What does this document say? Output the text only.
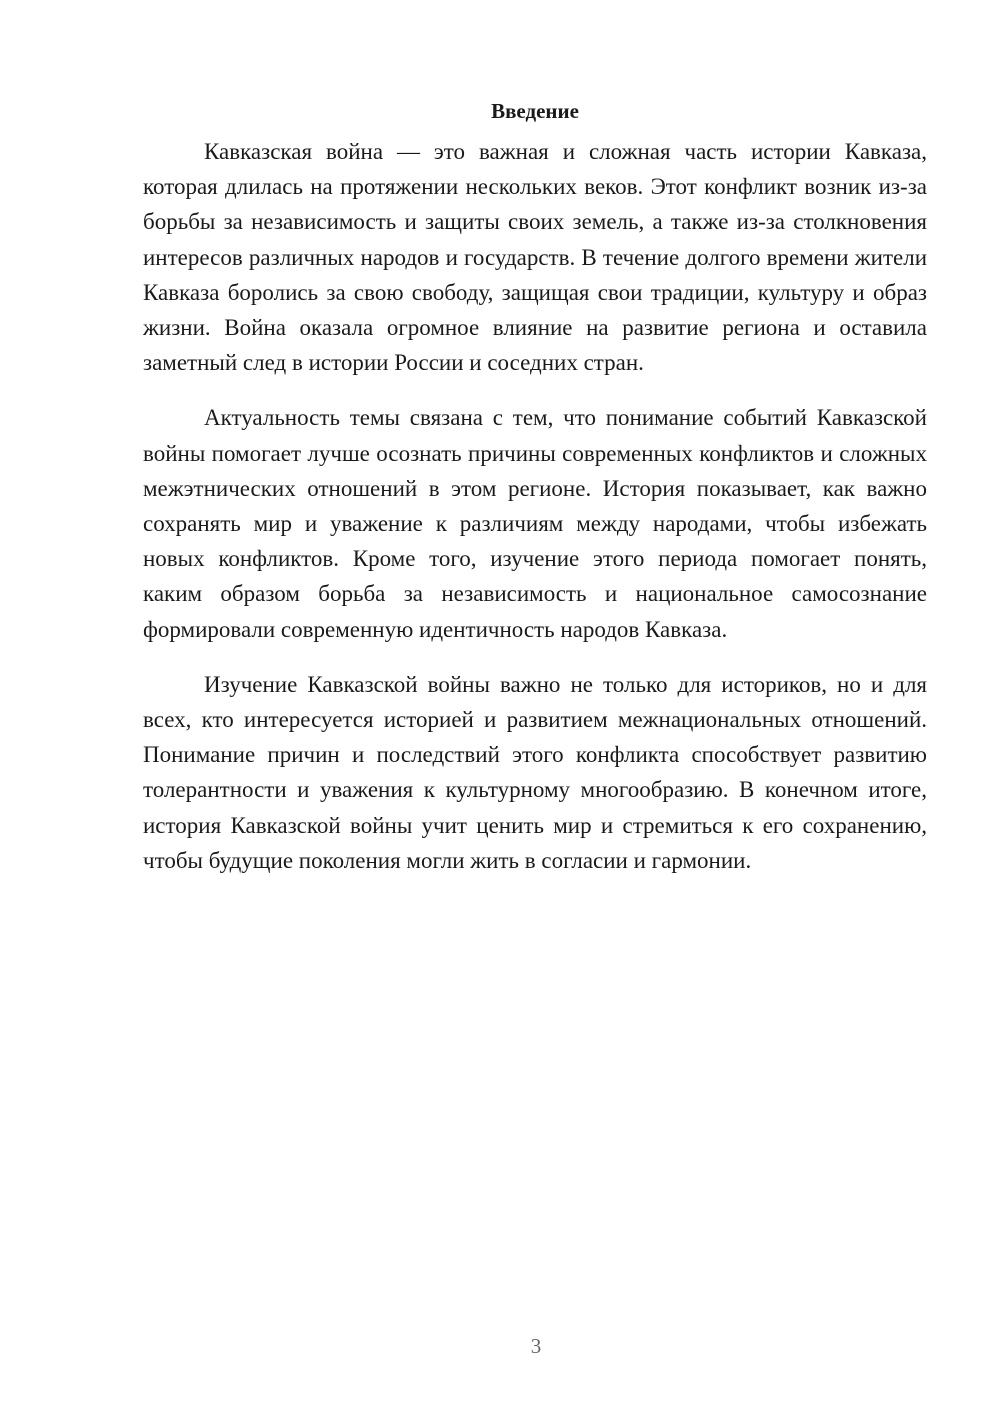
Введение

Кавказская война — это важная и сложная часть истории Кавказа, которая длилась на протяжении нескольких веков. Этот конфликт возник из-за борьбы за независимость и защиты своих земель, а также из-за столкновения интересов различных народов и государств. В течение долгого времени жители Кавказа боролись за свою свободу, защищая свои традиции, культуру и образ жизни. Война оказала огромное влияние на развитие региона и оставила заметный след в истории России и соседних стран.

Актуальность темы связана с тем, что понимание событий Кавказской войны помогает лучше осознать причины современных конфликтов и сложных межэтнических отношений в этом регионе. История показывает, как важно сохранять мир и уважение к различиям между народами, чтобы избежать новых конфликтов. Кроме того, изучение этого периода помогает понять, каким образом борьба за независимость и национальное самосознание формировали современную идентичность народов Кавказа.

Изучение Кавказской войны важно не только для историков, но и для всех, кто интересуется историей и развитием межнациональных отношений. Понимание причин и последствий этого конфликта способствует развитию толерантности и уважения к культурному многообразию. В конечном итоге, история Кавказской войны учит ценить мир и стремиться к его сохранению, чтобы будущие поколения могли жить в согласии и гармонии.

3
